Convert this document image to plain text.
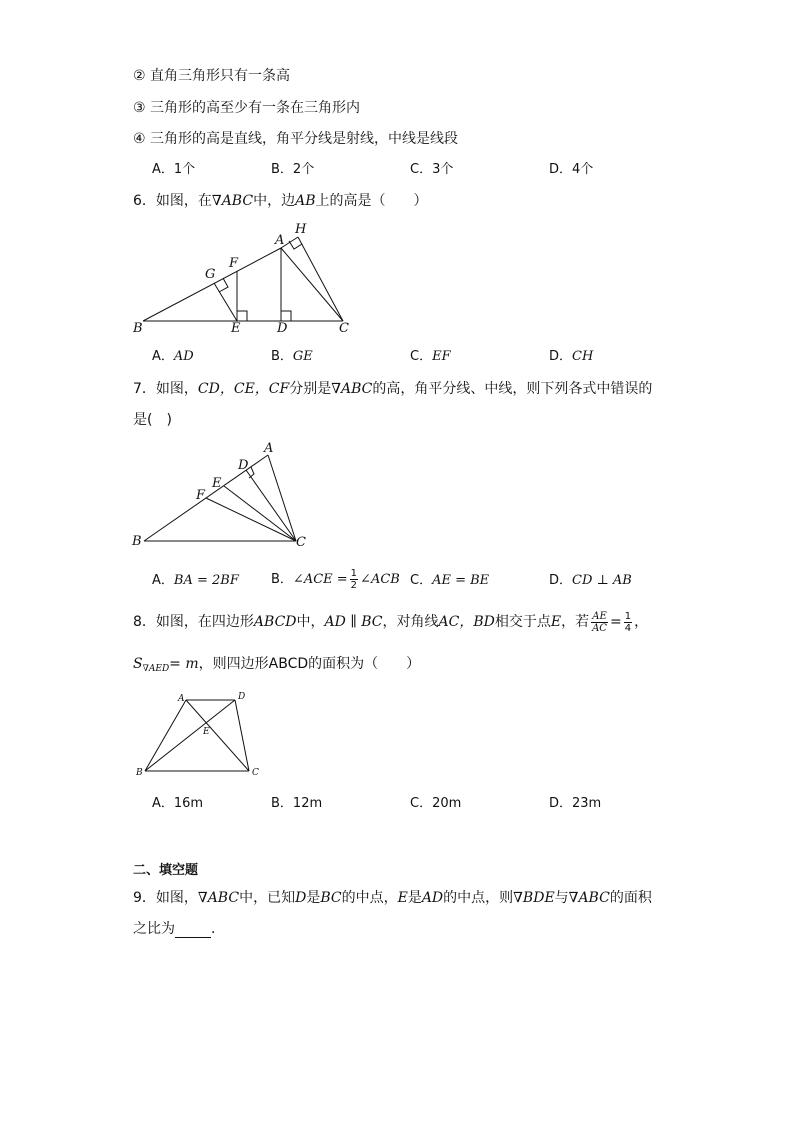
② 直角三角形只有一条高
③ 三角形的高至少有一条在三角形内
④ 三角形的高是直线，角平分线是射线，中线是线段
A．1个	B．2个	C．3个	D．4个
6．如图，在∇ABC中，边AB上的高是（　　）
A
H
G
F
B	E	D	C
A．AD	B．GE	C．EF	D．CH
7．如图，CD，CE，CF分别是∇ABC的高，角平分线、中线，则下列各式中错误的
是(　)
A
D
E
F
B	C
A．BA = 2BF B．∠ACE = $\frac{1}{2}$ ∠ACB C．AE = BE	D．CD ⊥ AB
8．如图，在四边形ABCD中，AD ∥ BC，对角线AC，BD相交于点E，若 $\frac{AE}{AC} = \frac{1}{4}$ ，
$S_{\nabla AED}= m$，则四边形ABCD的面积为（　　）
A	D
E
B	C
A．16m	B．12m	C．20m	D．23m
二、填空题
9．如图，∇ABC中，已知D是BC的中点，E是AD的中点，则∇BDE与∇ABC的面积
之比为	．
